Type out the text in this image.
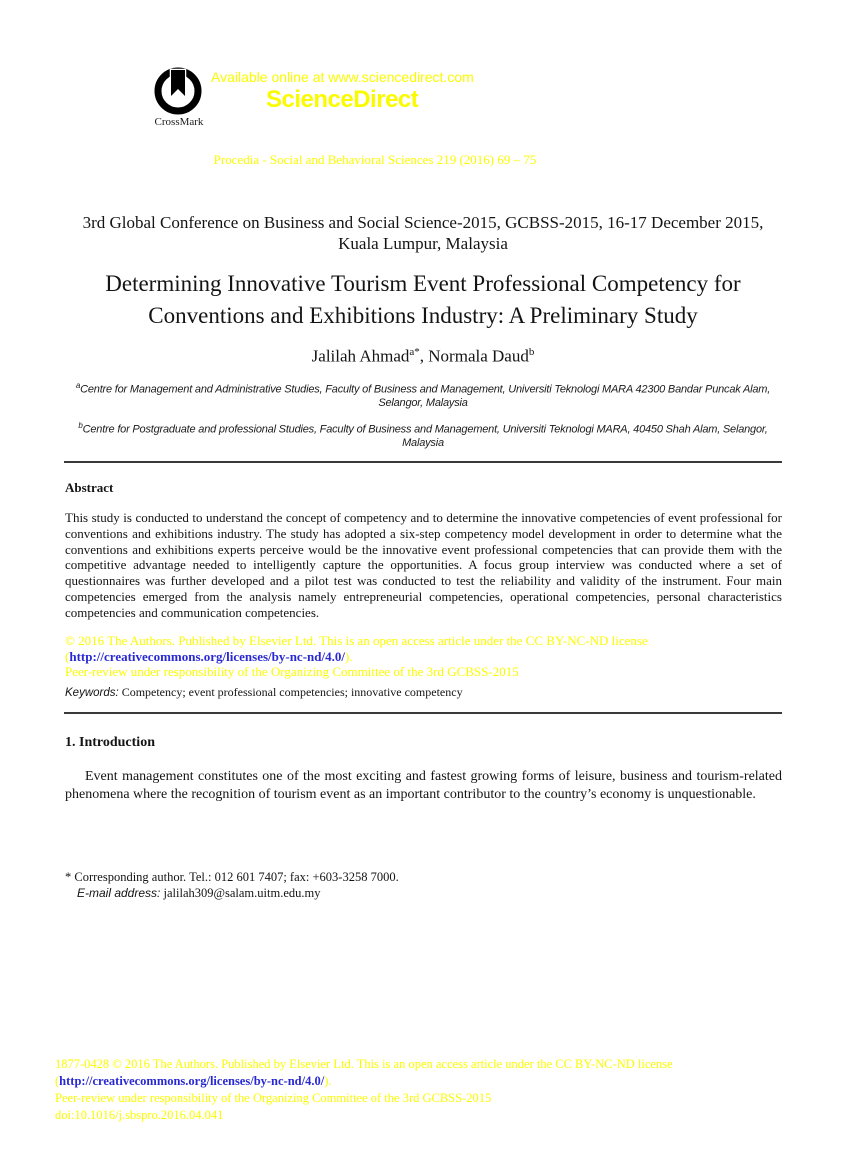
CrossMark
Available online at www.sciencedirect.com
ScienceDirect
Procedia - Social and Behavioral Sciences 219 (2016) 69 – 75
3rd Global Conference on Business and Social Science-2015, GCBSS-2015, 16-17 December 2015, Kuala Lumpur, Malaysia
Determining Innovative Tourism Event Professional Competency for Conventions and Exhibitions Industry: A Preliminary Study
Jalilah Ahmad$^{a*}$, Normala Daud$^b$
$^a$Centre for Management and Administrative Studies, Faculty of Business and Management, Universiti Teknologi MARA 42300 Bandar Puncak Alam, Selangor, Malaysia
$^b$Centre for Postgraduate and professional Studies, Faculty of Business and Management, Universiti Teknologi MARA, 40450 Shah Alam, Selangor, Malaysia
Abstract
This study is conducted to understand the concept of competency and to determine the innovative competencies of event professional for conventions and exhibitions industry. The study has adopted a six-step competency model development in order to determine what the conventions and exhibitions experts perceive would be the innovative event professional competencies that can provide them with the competitive advantage needed to intelligently capture the opportunities. A focus group interview was conducted where a set of questionnaires was further developed and a pilot test was conducted to test the reliability and validity of the instrument. Four main competencies emerged from the analysis namely entrepreneurial competencies, operational competencies, personal characteristics competencies and communication competencies.
© 2016 The Authors. Published by Elsevier Ltd. This is an open access article under the CC BY-NC-ND license
(http://creativecommons.org/licenses/by-nc-nd/4.0/).
Peer-review under responsibility of the Organizing Committee of the 3rd GCBSS-2015
Keywords: Competency; event professional competencies; innovative competency
1. Introduction
Event management constitutes one of the most exciting and fastest growing forms of leisure, business and tourism-related phenomena where the recognition of tourism event as an important contributor to the country’s economy is unquestionable.
* Corresponding author. Tel.: 012 601 7407; fax: +603-3258 7000.
E-mail address: jalilah309@salam.uitm.edu.my
1877-0428 © 2016 The Authors. Published by Elsevier Ltd. This is an open access article under the CC BY-NC-ND license
(http://creativecommons.org/licenses/by-nc-nd/4.0/).
Peer-review under responsibility of the Organizing Committee of the 3rd GCBSS-2015
doi:10.1016/j.sbspro.2016.04.041
